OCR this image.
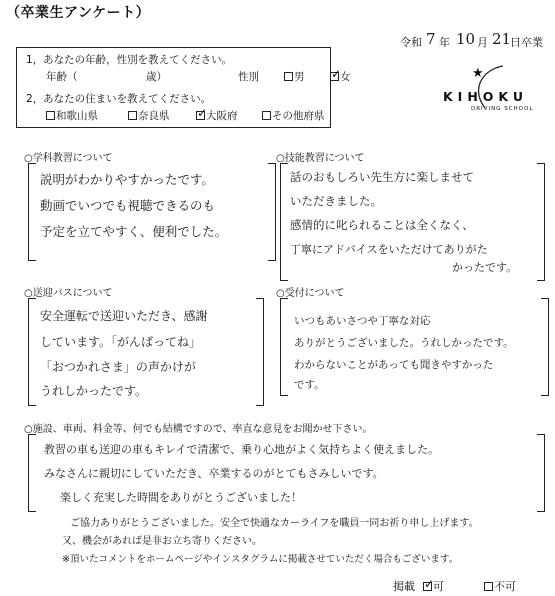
（卒業生アンケート）
令和 7 年 10 月 21
日卒業
★
KIHOKU
DRIVING SCHOOL
1，あなたの年齢，性別を教えてください。
年齢（	歳）	性別	男 ✓	女
2，あなたの住まいを教えてください。
和歌山県	奈良県 ✓	大阪府	その他府県
○学科教習について
説明がわかりやすかったです。
動画でいつでも視聴できるのも
予定を立てやすく、便利でした。
○技能教習について
話のおもしろい先生方に楽しませて
いただきました。
感情的に叱られることは全くなく、
丁寧にアドバイスをいただけてありがた
かったです。
○送迎バスについて
安全運転で送迎いただき、感謝
しています。「がんばってね」
「おつかれさま」の声かけが
うれしかったです。
○受付について
いつもあいさつや丁寧な対応
ありがとうございました。うれしかったです。
わからないことがあっても聞きやすかった
です。
○施設、車両、料金等、何でも結構ですので、率直な意見をお聞かせ下さい。
教習の車も送迎の車もキレイで清潔で、乗り心地がよく気持ちよく使えました。
みなさんに親切にしていただき、卒業するのがとてもさみしいです。
楽しく充実した時間をありがとうございました！
ご協力ありがとうございました。安全で快適なカーライフを職員一同お祈り申し上げます。
又、機会があれば是非お立ち寄りください。
※頂いたコメントをホームページやインスタグラムに掲載させていただく場合もございます。
掲載 ✓	可	不可
